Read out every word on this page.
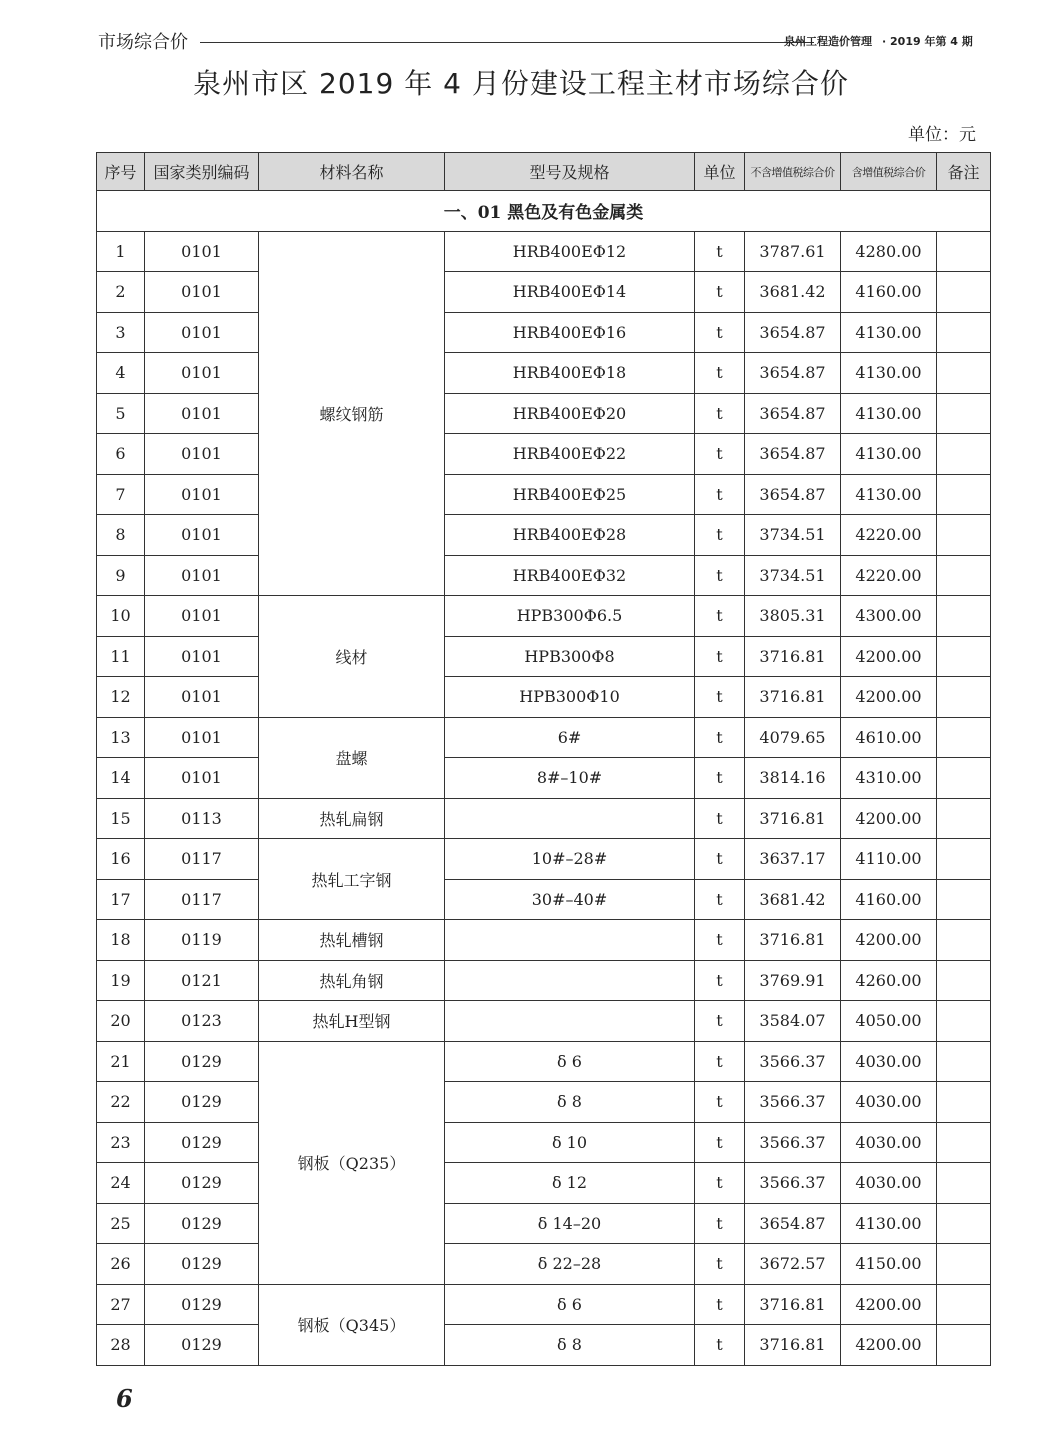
市场综合价	泉州工程造价管理 · 2019 年第 4 期
泉州市区 2019 年 4 月份建设工程主材市场综合价
单位：元
序号	国家类别编码	材料名称	型号及规格	单位	不含增值税综合价	含增值税综合价	备注
一、01 黑色及有色金属类							
1	0101	螺纹钢筋	HRB400EΦ12	t	3787.61	4280.00	
2	0101		HRB400EΦ14	t	3681.42	4160.00	
3	0101		HRB400EΦ16	t	3654.87	4130.00	
4	0101		HRB400EΦ18	t	3654.87	4130.00	
5	0101		HRB400EΦ20	t	3654.87	4130.00	
6	0101		HRB400EΦ22	t	3654.87	4130.00	
7	0101		HRB400EΦ25	t	3654.87	4130.00	
8	0101		HRB400EΦ28	t	3734.51	4220.00	
9	0101		HRB400EΦ32	t	3734.51	4220.00	
10	0101	线材	HPB300Φ6.5	t	3805.31	4300.00	
11	0101		HPB300Φ8	t	3716.81	4200.00	
12	0101		HPB300Φ10	t	3716.81	4200.00	
13	0101	盘螺	6#	t	4079.65	4610.00	
14	0101		8#–10#	t	3814.16	4310.00	
15	0113	热轧扁钢		t	3716.81	4200.00	
16	0117	热轧工字钢	10#–28#	t	3637.17	4110.00	
17	0117		30#–40#	t	3681.42	4160.00	
18	0119	热轧槽钢		t	3716.81	4200.00	
19	0121	热轧角钢		t	3769.91	4260.00	
20	0123	热轧H型钢		t	3584.07	4050.00	
21	0129	钢板（Q235）	δ 6	t	3566.37	4030.00	
22	0129		δ 8	t	3566.37	4030.00	
23	0129		δ 10	t	3566.37	4030.00	
24	0129		δ 12	t	3566.37	4030.00	
25	0129		δ 14–20	t	3654.87	4130.00	
26	0129		δ 22–28	t	3672.57	4150.00	
27	0129	钢板（Q345）	δ 6	t	3716.81	4200.00	
28	0129		δ 8	t	3716.81	4200.00	
6
